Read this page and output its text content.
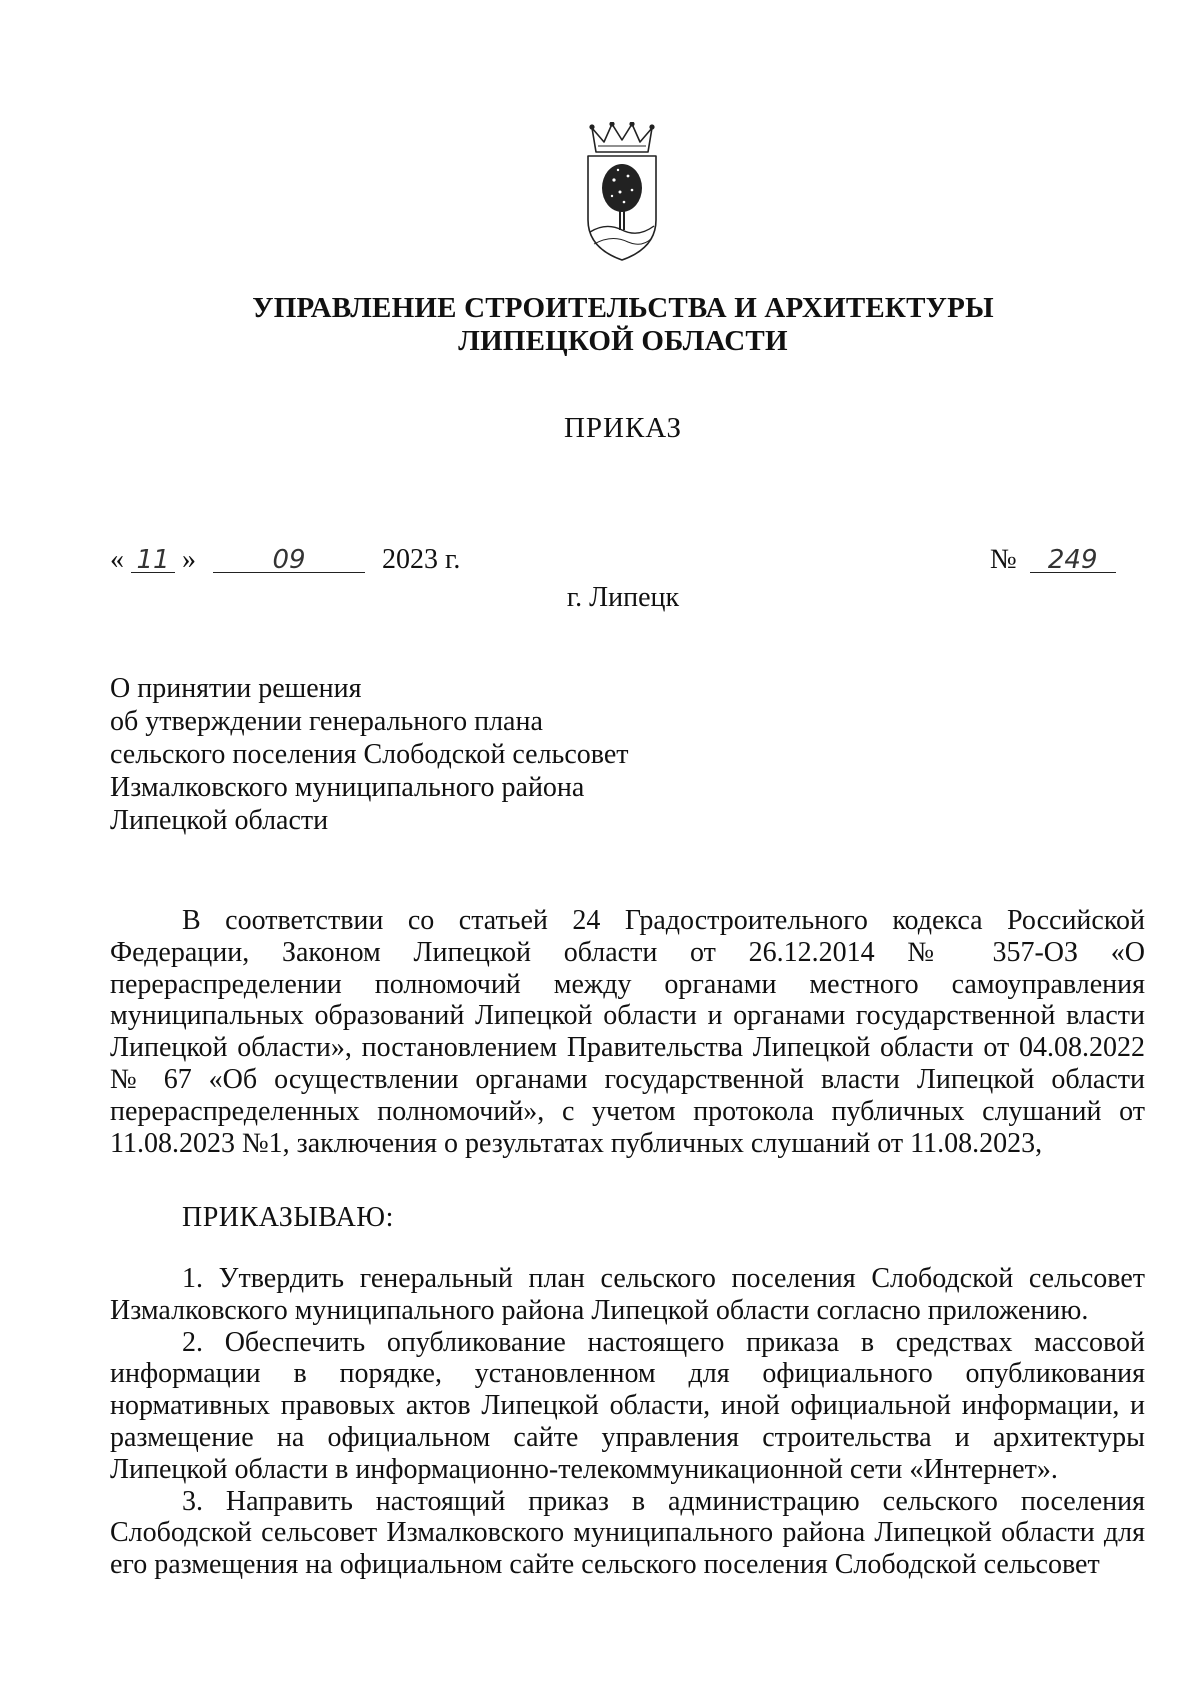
УПРАВЛЕНИЕ СТРОИТЕЛЬСТВА И АРХИТЕКТУРЫ
ЛИПЕЦКОЙ ОБЛАСТИ
ПРИКАЗ
« 11 »	09	2023 г.	№ 249
г. Липецк
О принятии решения
об утверждении генерального плана
сельского поселения Слободской сельсовет
Измалковского муниципального района
Липецкой области

В соответствии со статьей 24 Градостроительного кодекса Российской Федерации, Законом Липецкой области от 26.12.2014 № 357-ОЗ «О перераспределении полномочий между органами местного самоуправления муниципальных образований Липецкой области и органами государственной власти Липецкой области», постановлением Правительства Липецкой области от 04.08.2022 № 67 «Об осуществлении органами государственной власти Липецкой области перераспределенных полномочий», с учетом протокола публичных слушаний от 11.08.2023 №1, заключения о результатах публичных слушаний от 11.08.2023,

ПРИКАЗЫВАЮ:

1. Утвердить генеральный план сельского поселения Слободской сельсовет Измалковского муниципального района Липецкой области согласно приложению.

2. Обеспечить опубликование настоящего приказа в средствах массовой информации в порядке, установленном для официального опубликования нормативных правовых актов Липецкой области, иной официальной информации, и размещение на официальном сайте управления строительства и архитектуры Липецкой области в информационно-телекоммуникационной сети «Интернет».

3. Направить настоящий приказ в администрацию сельского поселения Слободской сельсовет Измалковского муниципального района Липецкой области для его размещения на официальном сайте сельского поселения Слободской сельсовет
